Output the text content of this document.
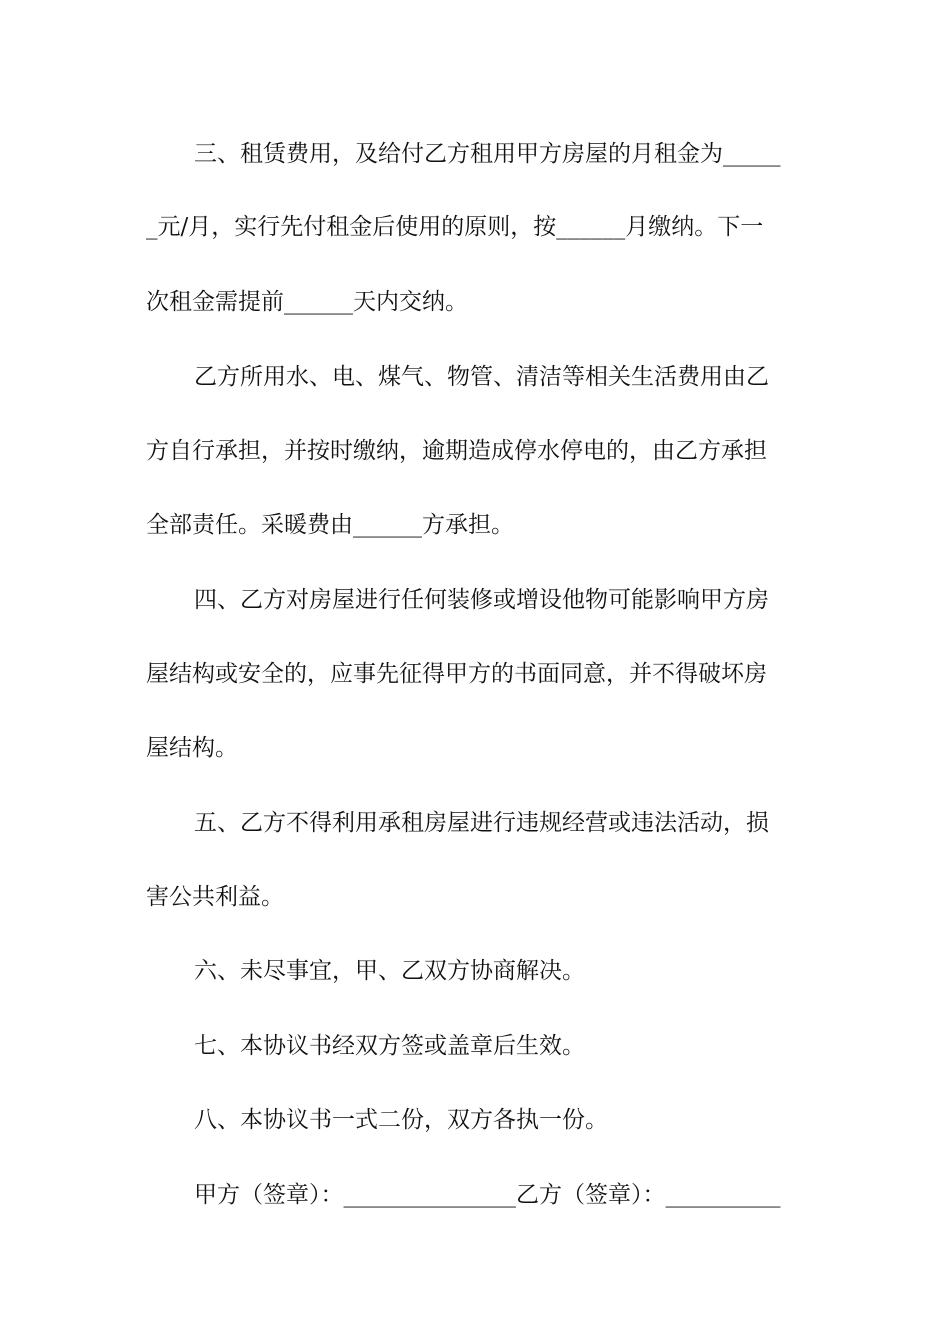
三、租赁费用，及给付乙方租用甲方房屋的月租金为_____
_元/月，实行先付租金后使用的原则，按______月缴纳。下一
次租金需提前______天内交纳。
乙方所用水、电、煤气、物管、清洁等相关生活费用由乙
方自行承担，并按时缴纳，逾期造成停水停电的，由乙方承担
全部责任。采暖费由______方承担。
四、乙方对房屋进行任何装修或增设他物可能影响甲方房
屋结构或安全的，应事先征得甲方的书面同意，并不得破坏房
屋结构。
五、乙方不得利用承租房屋进行违规经营或违法活动，损
害公共利益。
六、未尽事宜，甲、乙双方协商解决。
七、本协议书经双方签或盖章后生效。
八、本协议书一式二份，双方各执一份。
甲方（签章）：_______________乙方（签章）：__________
